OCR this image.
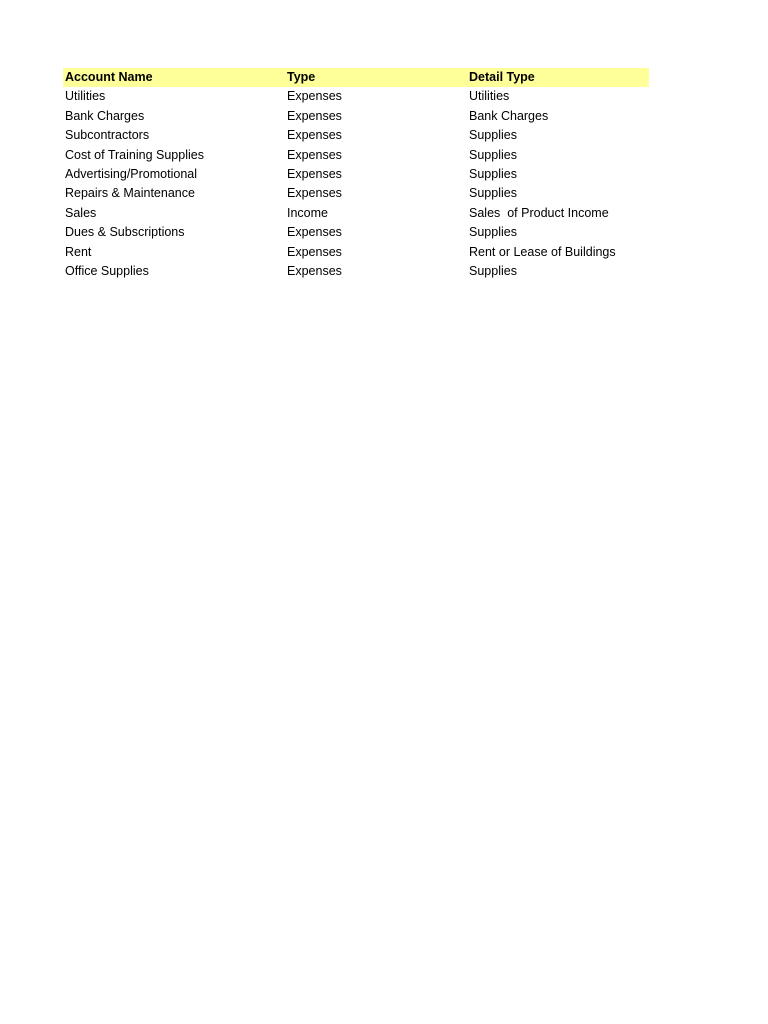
Account Name	Type	Detail Type
Utilities	Expenses	Utilities
Bank Charges	Expenses	Bank Charges
Subcontractors	Expenses	Supplies
Cost of Training Supplies	Expenses	Supplies
Advertising/Promotional	Expenses	Supplies
Repairs & Maintenance	Expenses	Supplies
Sales	Income	Sales  of Product Income
Dues & Subscriptions	Expenses	Supplies
Rent	Expenses	Rent or Lease of Buildings
Office Supplies	Expenses	Supplies
